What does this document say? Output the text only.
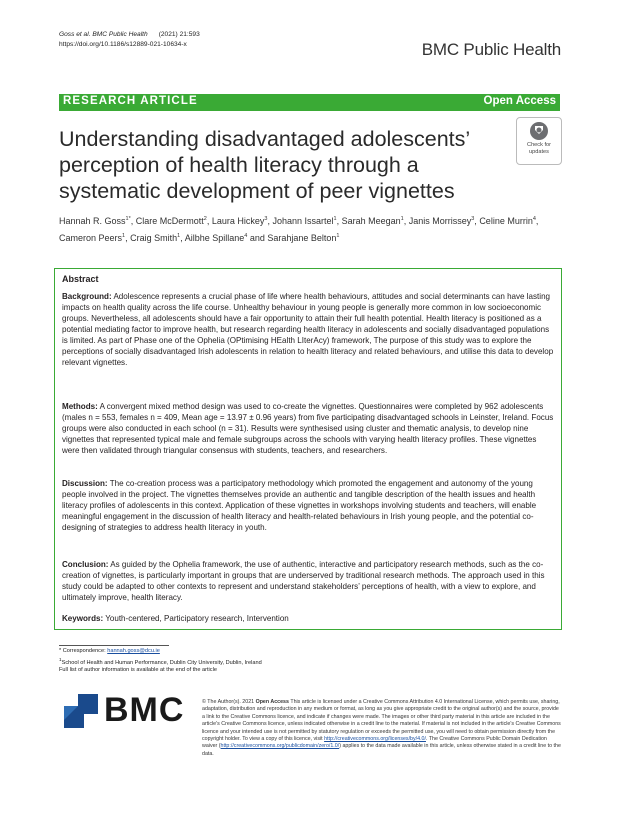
Goss et al. BMC Public Health (2021) 21:593
https://doi.org/10.1186/s12889-021-10634-x	BMC Public Health
RESEARCH ARTICLE	Open Access
Understanding disadvantaged adolescents’ perception of health literacy through a systematic development of peer vignettes
Check for
updates
Hannah R. Goss$^{1*}$, Clare McDermott$^2$, Laura Hickey$^3$, Johann Issartel$^1$, Sarah Meegan$^1$, Janis Morrissey$^3$, Celine Murrin$^4$, Cameron Peers$^1$, Craig Smith$^1$, Ailbhe Spillane$^4$ and Sarahjane Belton$^1$
Abstract
Background: Adolescence represents a crucial phase of life where health behaviours, attitudes and social determinants can have lasting impacts on health quality across the life course. Unhealthy behaviour in young people is generally more common in low socioeconomic groups. Nevertheless, all adolescents should have a fair opportunity to attain their full health potential. Health literacy is positioned as a potential mediating factor to improve health, but research regarding health literacy in adolescents and socially disadvantaged populations is limited. As part of Phase one of the Ophelia (OPtimising HEalth LIterAcy) framework, The purpose of this study was to explore the perceptions of socially disadvantaged Irish adolescents in relation to health literacy and related behaviours, and utilise this data to develop relevant vignettes.
Methods: A convergent mixed method design was used to co-create the vignettes. Questionnaires were completed by 962 adolescents (males n = 553, females n = 409, Mean age = 13.97 ± 0.96 years) from five participating disadvantaged schools in Leinster, Ireland. Focus groups were also conducted in each school (n = 31). Results were synthesised using cluster and thematic analysis, to develop nine vignettes that represented typical male and female subgroups across the schools with varying health literacy profiles. These vignettes were then validated through triangular consensus with students, teachers, and researchers.
Discussion: The co-creation process was a participatory methodology which promoted the engagement and autonomy of the young people involved in the project. The vignettes themselves provide an authentic and tangible description of the health issues and health literacy profiles of adolescents in this context. Application of these vignettes in workshops involving students and teachers, will enable meaningful engagement in the discussion of health literacy and health-related behaviours in Irish young people, and the potential co-designing of strategies to address health literacy in youth.
Conclusion: As guided by the Ophelia framework, the use of authentic, interactive and participatory research methods, such as the co-creation of vignettes, is particularly important in groups that are underserved by traditional research methods. The approach used in this study could be adapted to other contexts to represent and understand stakeholders’ perceptions of health, with a view to explore, and ultimately improve, health literacy.
Keywords: Youth-centered, Participatory research, Intervention
* Correspondence: hannah.goss@dcu.ie
$^1$School of Health and Human Performance, Dublin City University, Dublin, Ireland
Full list of author information is available at the end of the article
BMC	© The Author(s). 2021 Open Access This article is licensed under a Creative Commons Attribution 4.0 International License, which permits use, sharing, adaptation, distribution and reproduction in any medium or format, as long as you give appropriate credit to the original author(s) and the source, provide a link to the Creative Commons licence, and indicate if changes were made. The images or other third party material in this article are included in the article's Creative Commons licence, unless indicated otherwise in a credit line to the material. If material is not included in the article's Creative Commons licence and your intended use is not permitted by statutory regulation or exceeds the permitted use, you will need to obtain permission directly from the copyright holder. To view a copy of this licence, visit http://creativecommons.org/licenses/by/4.0/. The Creative Commons Public Domain Dedication waiver (http://creativecommons.org/publicdomain/zero/1.0/) applies to the data made available in this article, unless otherwise stated in a credit line to the data.
